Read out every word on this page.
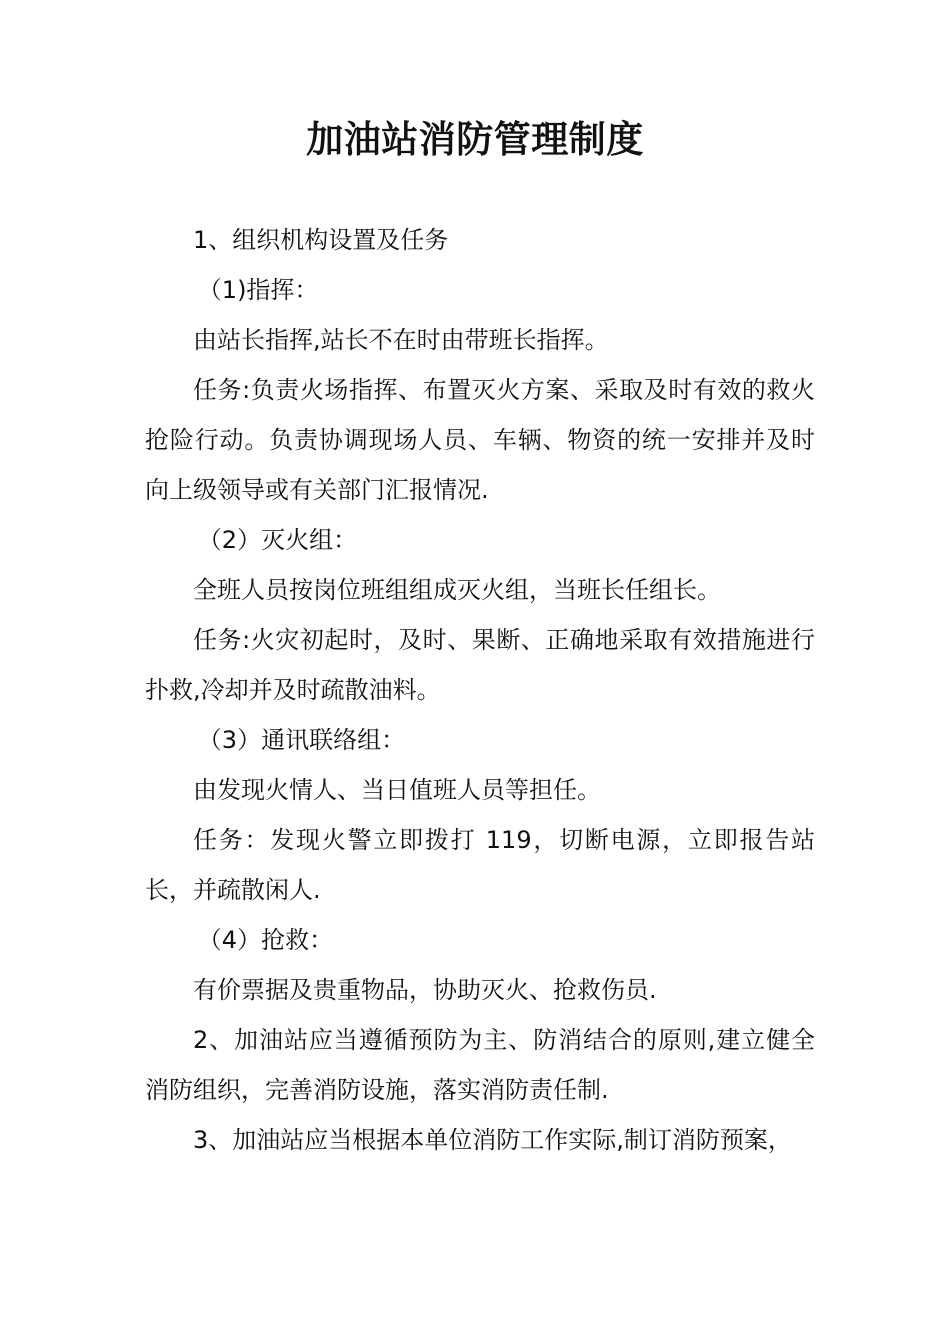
加油站消防管理制度

1、组织机构设置及任务

（1)指挥：

由站长指挥,站长不在时由带班长指挥。

任务:负责火场指挥、布置灭火方案、采取及时有效的救火抢险行动。负责协调现场人员、车辆、物资的统一安排并及时向上级领导或有关部门汇报情况.

（2）灭火组：

全班人员按岗位班组组成灭火组，当班长任组长。

任务:火灾初起时，及时、果断、正确地采取有效措施进行扑救,冷却并及时疏散油料。

（3）通讯联络组：

由发现火情人、当日值班人员等担任。

任务：发现火警立即拨打 119，切断电源，立即报告站长，并疏散闲人.

（4）抢救：

有价票据及贵重物品，协助灭火、抢救伤员.

2、加油站应当遵循预防为主、防消结合的原则,建立健全消防组织，完善消防设施，落实消防责任制.

3、加油站应当根据本单位消防工作实际,制订消防预案，
